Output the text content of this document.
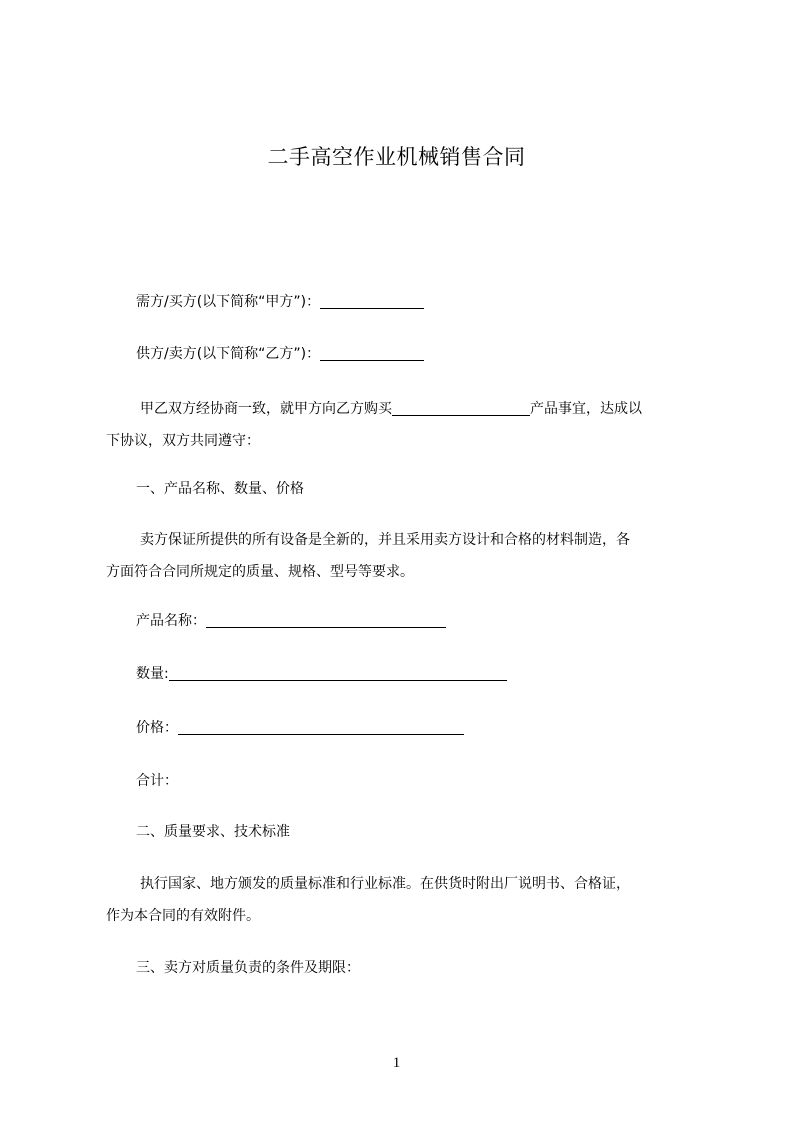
二手高空作业机械销售合同
需方/买方(以下简称“甲方”)：
供方/卖方(以下简称“乙方”)：
甲乙双方经协商一致，就甲方向乙方购买	产品事宜，达成以
下协议，双方共同遵守：
一、产品名称、数量、价格
卖方保证所提供的所有设备是全新的，并且采用卖方设计和合格的材料制造，各
方面符合合同所规定的质量、规格、型号等要求。
产品名称：
数量:
价格：
合计：
二、质量要求、技术标准
执行国家、地方颁发的质量标准和行业标准。在供货时附出厂说明书、合格证，
作为本合同的有效附件。
三、卖方对质量负责的条件及期限：
1
